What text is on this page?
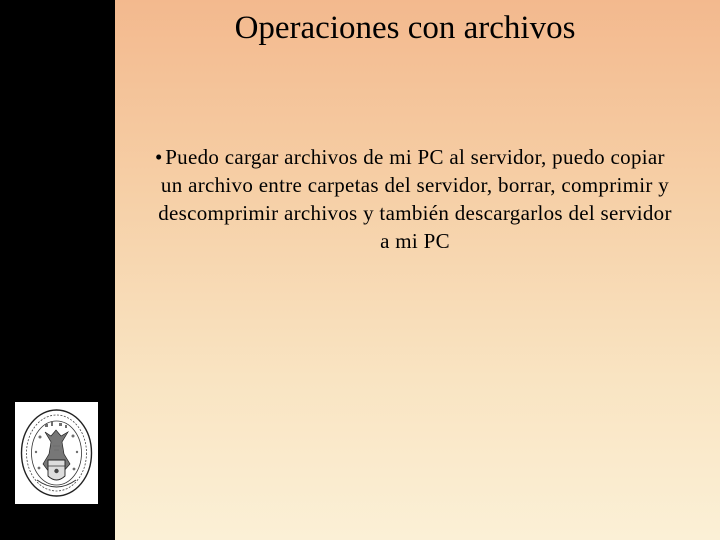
Operaciones con archivos
• Puedo cargar archivos de mi PC al servidor, puedo copiar un archivo entre carpetas del servidor, borrar, comprimir y descomprimir archivos y también descargarlos del servidor a mi PC
